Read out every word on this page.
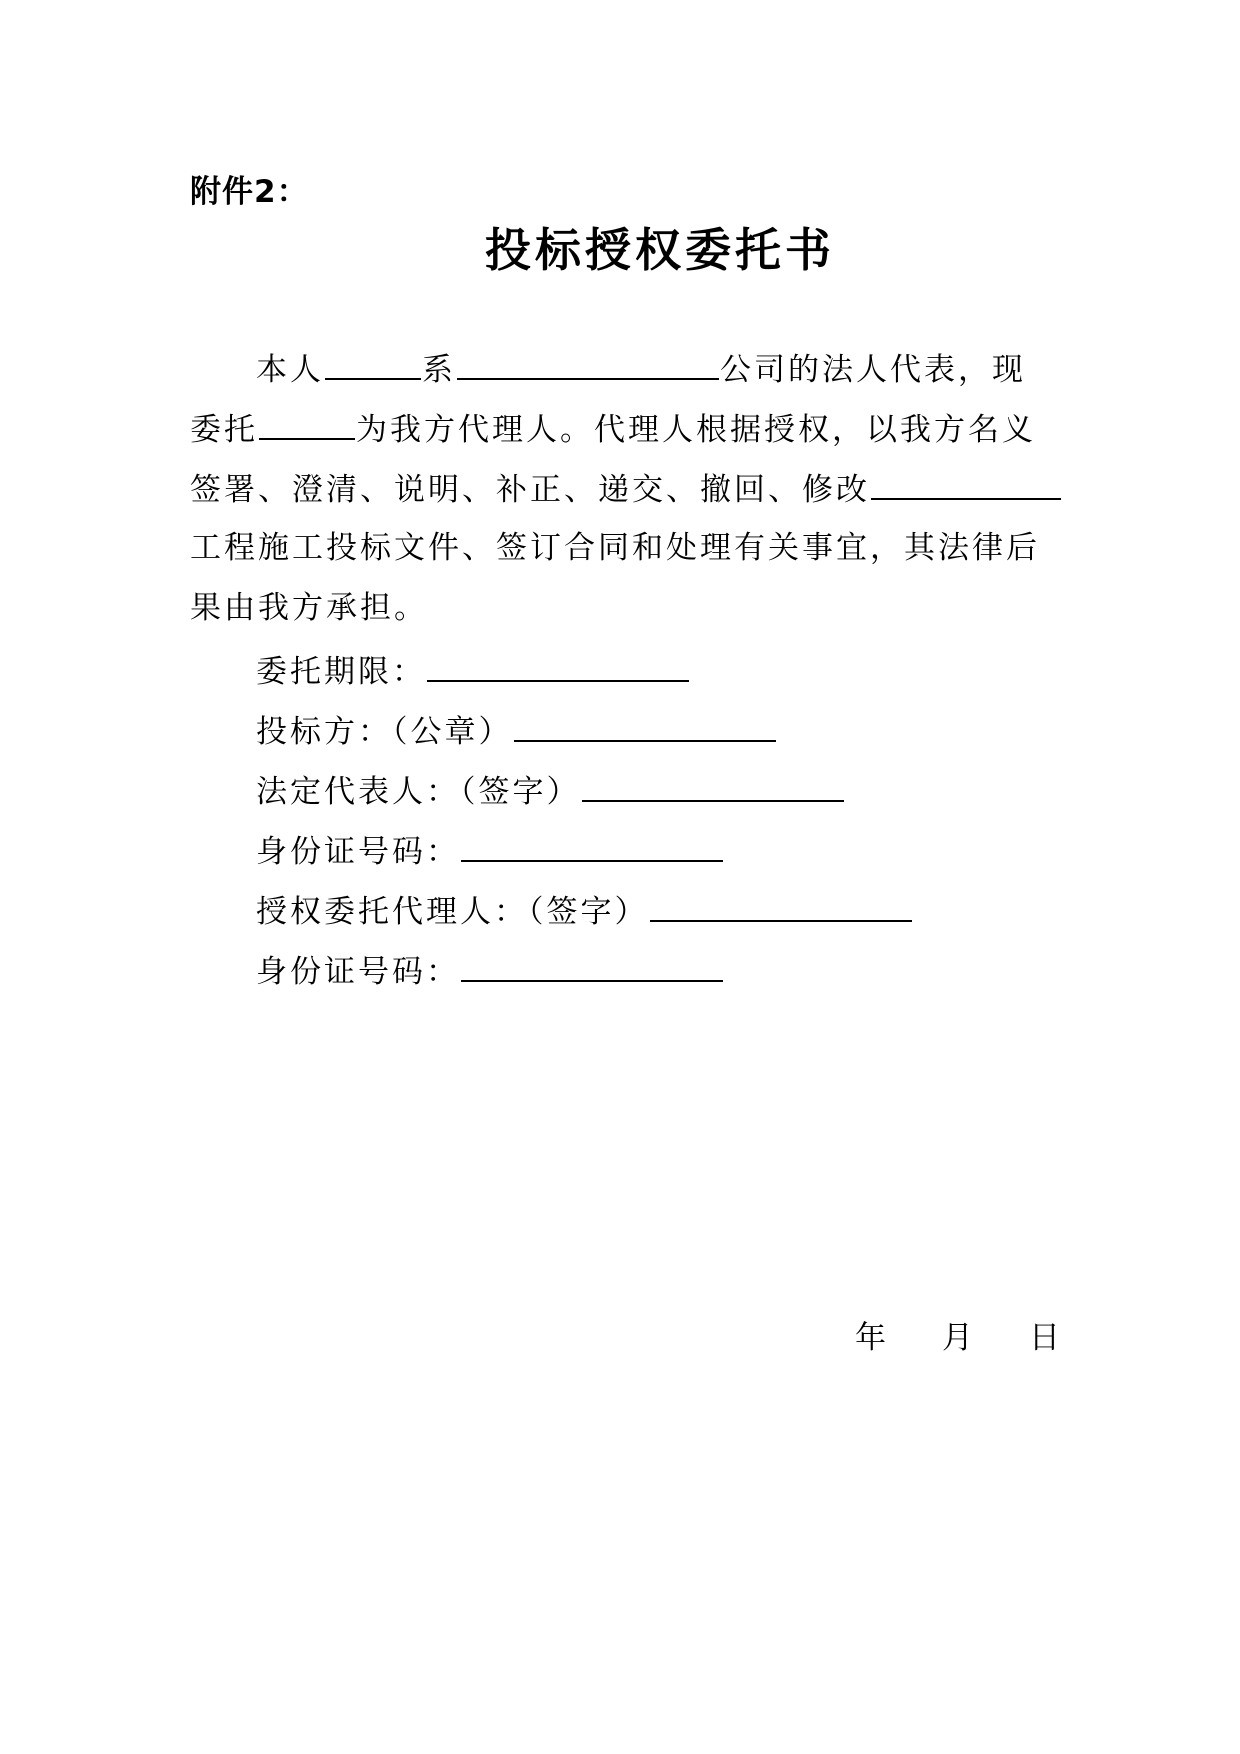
附件2：
投标授权委托书
本人	系	公司的法人代表，现
委托	为我方代理人。代理人根据授权，以我方名义
签署、澄清、说明、补正、递交、撤回、修改
工程施工投标文件、签订合同和处理有关事宜，其法律后
果由我方承担。
委托期限：
投标方：（公章）
法定代表人：（签字）
身份证号码：
授权委托代理人：（签字）
身份证号码：
年 月 日
